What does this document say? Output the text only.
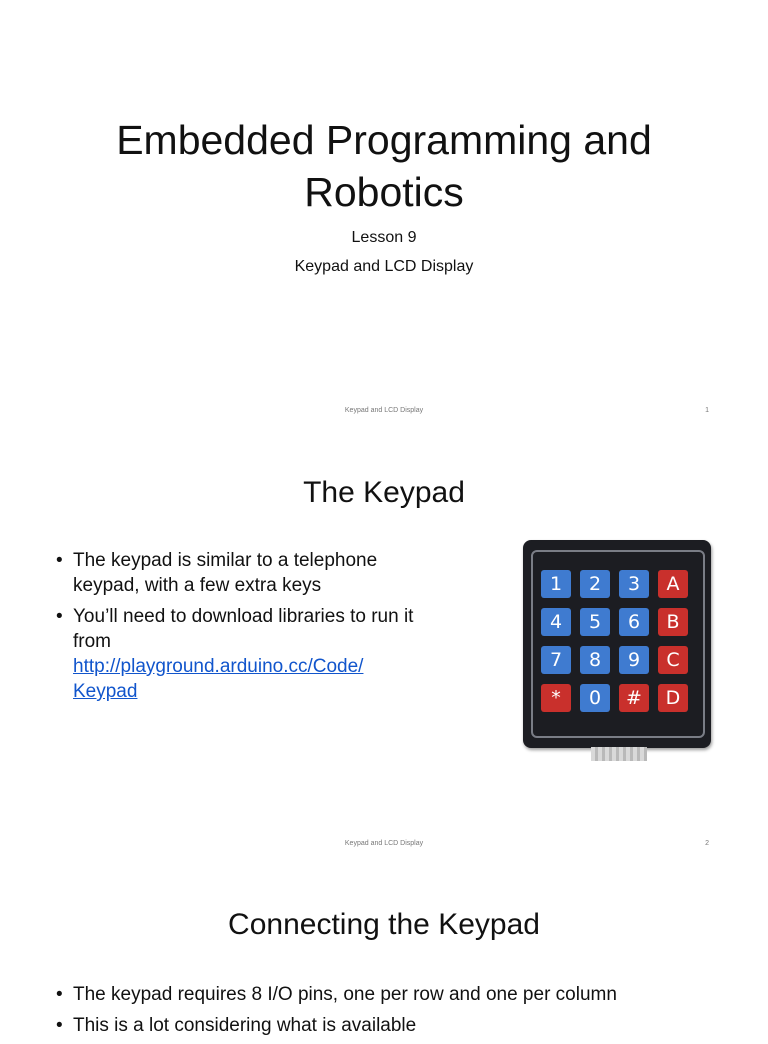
Embedded Programming and Robotics
Lesson 9
Keypad and LCD Display
Keypad and LCD Display	1
The Keypad
• The keypad is similar to a telephone keypad, with a few extra keys
• You’ll need to download libraries to run it from
http://playground.arduino.cc/Code/
Keypad
1	2	3	A
4	5	6	B
7	8	9	C
*	0	#	D
Keypad and LCD Display	2
Connecting the Keypad
• The keypad requires 8 I/O pins, one per row and one per column
• This is a lot considering what is available
